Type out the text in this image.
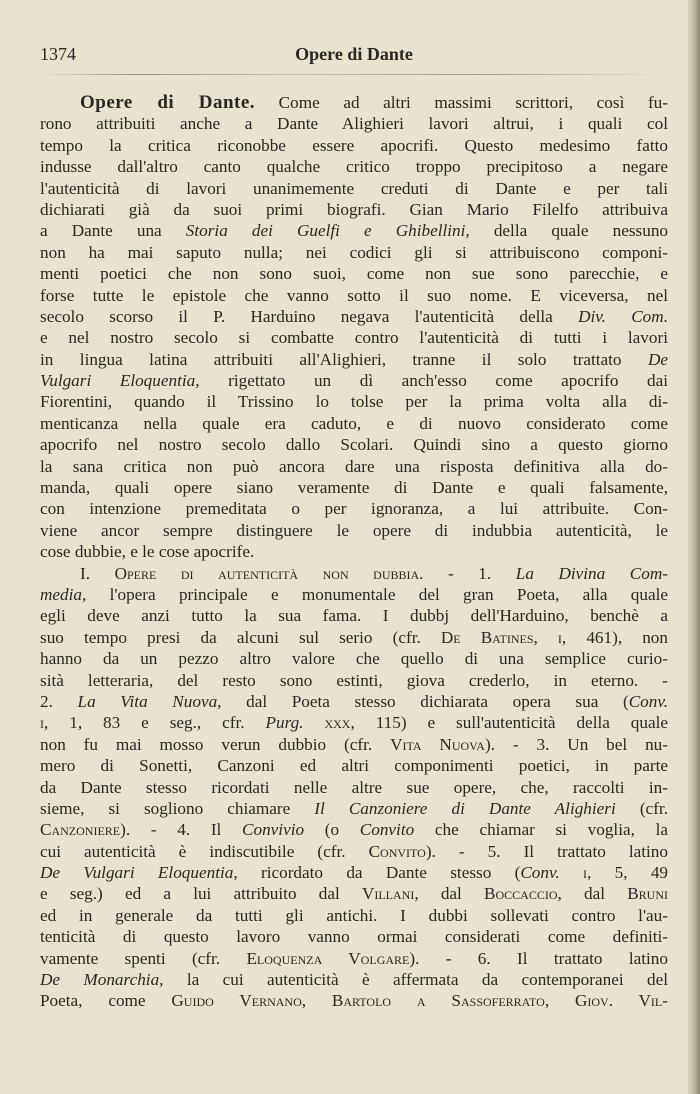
1374	Opere di Dante
Opere di Dante. Come ad altri massimi scrittori, così fu-
rono attribuiti anche a Dante Alighieri lavori altrui, i quali col
tempo la critica riconobbe essere apocrifi. Questo medesimo fatto
indusse dall'altro canto qualche critico troppo precipitoso a negare
l'autenticità di lavori unanimemente creduti di Dante e per tali
dichiarati già da suoi primi biografi. Gian Mario Filelfo attribuiva
a Dante una Storia dei Guelfi e Ghibellini, della quale nessuno
non ha mai saputo nulla; nei codici gli si attribuiscono componi-
menti poetici che non sono suoi, come non sue sono parecchie, e
forse tutte le epistole che vanno sotto il suo nome. E viceversa, nel
secolo scorso il P. Harduino negava l'autenticità della Div. Com.
e nel nostro secolo si combatte contro l'autenticità di tutti i lavori
in lingua latina attribuiti all'Alighieri, tranne il solo trattato De
Vulgari Eloquentia, rigettato un dì anch'esso come apocrifo dai
Fiorentini, quando il Trissino lo tolse per la prima volta alla di-
menticanza nella quale era caduto, e di nuovo considerato come
apocrifo nel nostro secolo dallo Scolari. Quindi sino a questo giorno
la sana critica non può ancora dare una risposta definitiva alla do-
manda, quali opere siano veramente di Dante e quali falsamente,
con intenzione premeditata o per ignoranza, a lui attribuite. Con-
viene ancor sempre distinguere le opere di indubbia autenticità, le
cose dubbie, e le cose apocrife.
I. Opere di autenticità non dubbia. - 1. La Divina Com-
media, l'opera principale e monumentale del gran Poeta, alla quale
egli deve anzi tutto la sua fama. I dubbj dell'Harduino, benchè a
suo tempo presi da alcuni sul serio (cfr. De Batines, i, 461), non
hanno da un pezzo altro valore che quello di una semplice curio-
sità letteraria, del resto sono estinti, giova crederlo, in eterno. -
2. La Vita Nuova, dal Poeta stesso dichiarata opera sua (Conv.
i, 1, 83 e seg., cfr. Purg. xxx, 115) e sull'autenticità della quale
non fu mai mosso verun dubbio (cfr. Vita Nuova). - 3. Un bel nu-
mero di Sonetti, Canzoni ed altri componimenti poetici, in parte
da Dante stesso ricordati nelle altre sue opere, che, raccolti in-
sieme, si sogliono chiamare Il Canzoniere di Dante Alighieri (cfr.
Canzoniere). - 4. Il Convivio (o Convito che chiamar si voglia, la
cui autenticità è indiscutibile (cfr. Convito). - 5. Il trattato latino
De Vulgari Eloquentia, ricordato da Dante stesso (Conv. i, 5, 49
e seg.) ed a lui attribuito dal Villani, dal Boccaccio, dal Bruni
ed in generale da tutti gli antichi. I dubbi sollevati contro l'au-
tenticità di questo lavoro vanno ormai considerati come definiti-
vamente spenti (cfr. Eloquenza Volgare). - 6. Il trattato latino
De Monarchia, la cui autenticità è affermata da contemporanei del
Poeta, come Guido Vernano, Bartolo a Sassoferrato, Giov. Vil-
